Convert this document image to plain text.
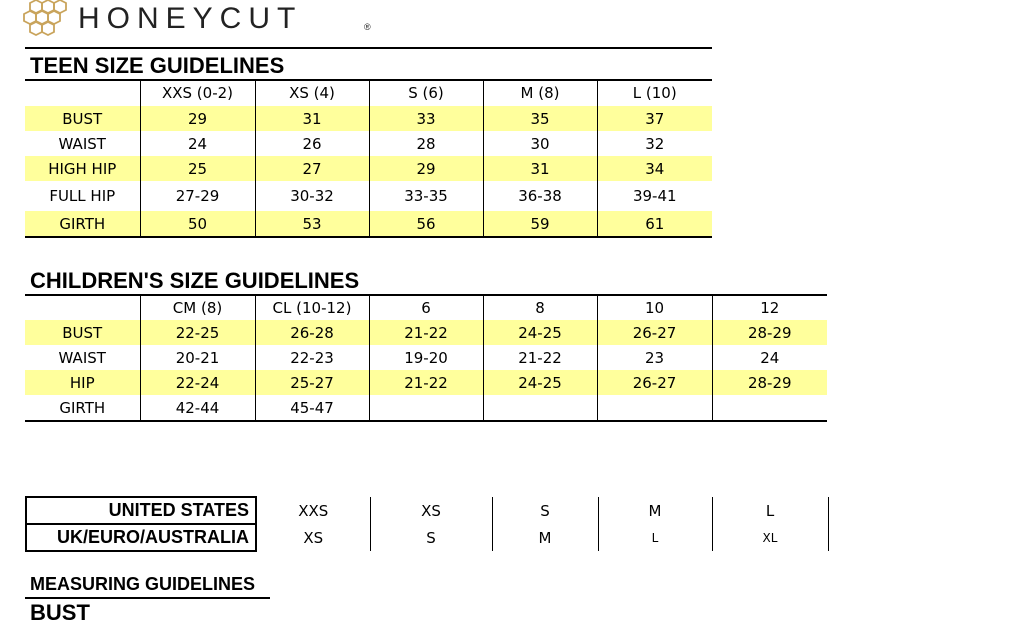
HONEYCUT	®
TEEN SIZE GUIDELINES
	XXS (0-2)	XS (4)	S (6)	M (8)	L (10)
BUST	29	31	33	35	37
WAIST	24	26	28	30	32
HIGH HIP	25	27	29	31	34
FULL HIP	27-29	30-32	33-35	36-38	39-41
GIRTH	50	53	56	59	61
CHILDREN'S SIZE GUIDELINES
	CM (8)	CL (10-12)	6	8	10	12
BUST	22-25	26-28	21-22	24-25	26-27	28-29
WAIST	20-21	22-23	19-20	21-22	23	24
HIP	22-24	25-27	21-22	24-25	26-27	28-29
GIRTH	42-44	45-47				
UNITED STATES	XXS	XS	S	M	L
UK/EURO/AUSTRALIA	XS	S	M	L	XL
MEASURING GUIDELINES
BUST
